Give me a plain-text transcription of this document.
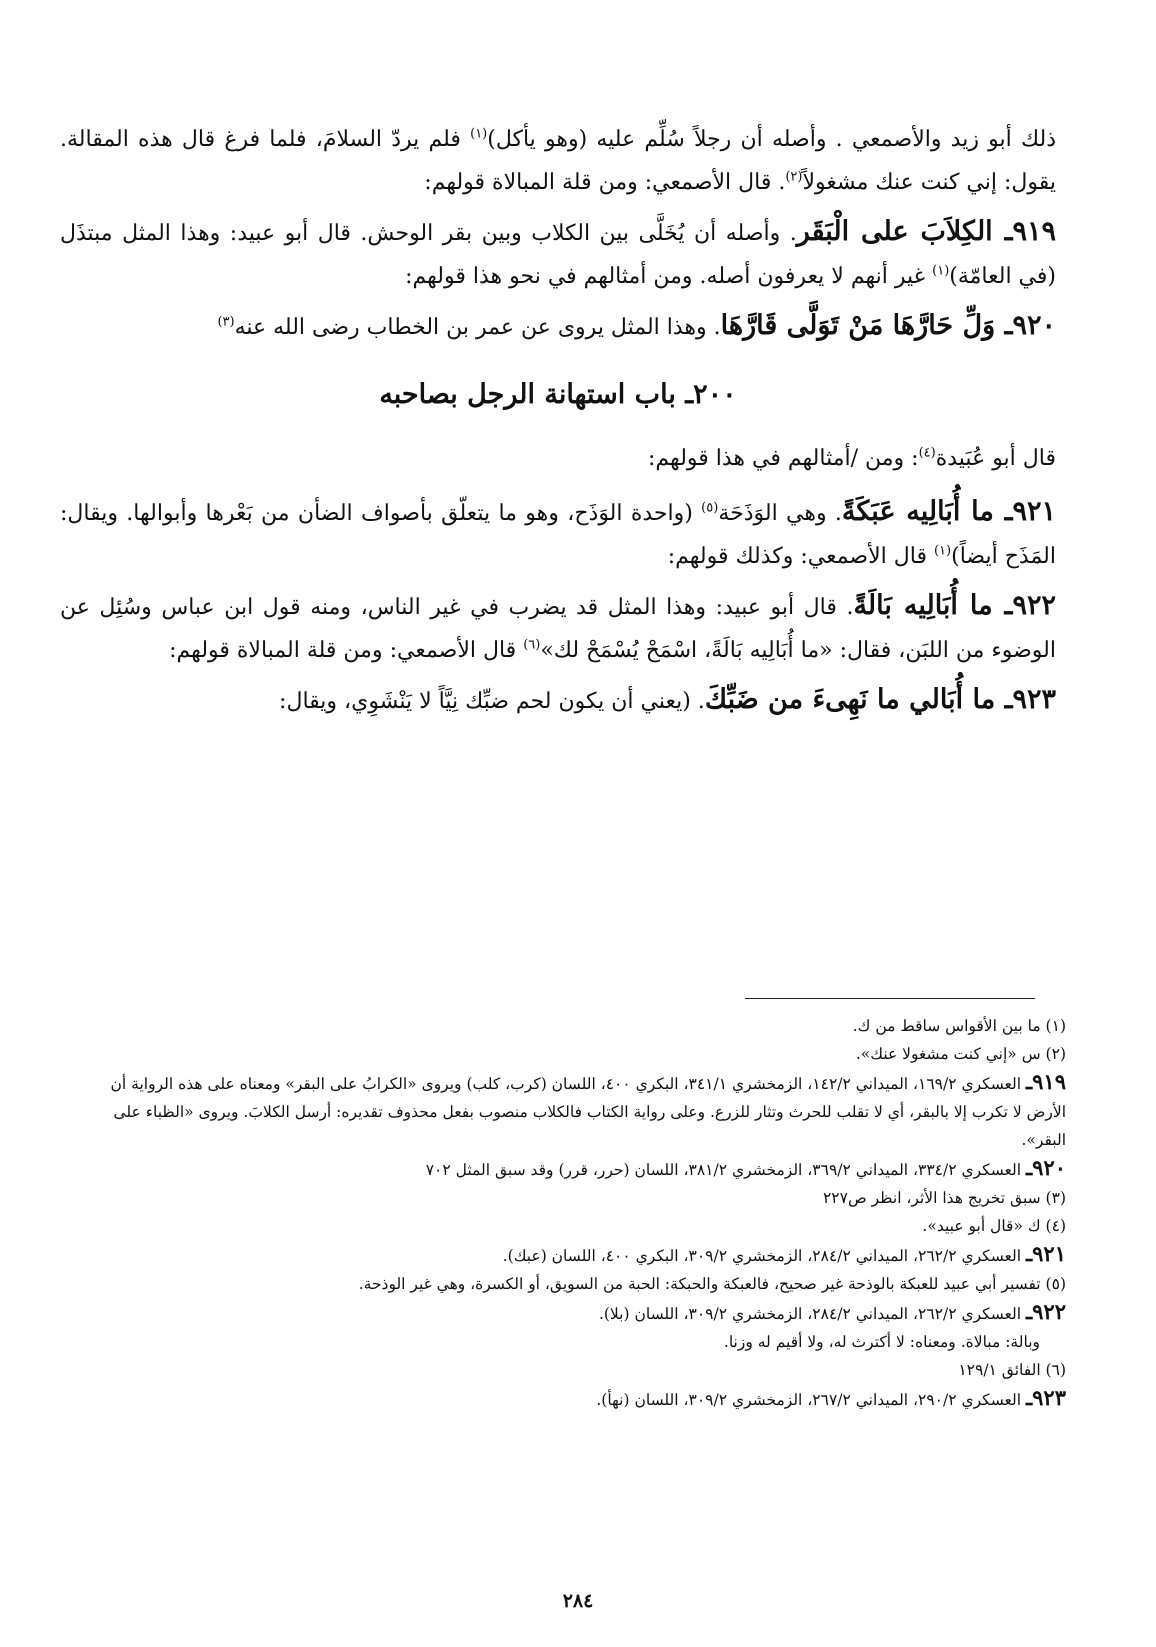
ذلك أبو زيد والأصمعي . وأصله أن رجلاً سُلِّم عليه (وهو يأكل)$^{(١)}$ فلم يردّ السلامَ، فلما فرغ قال هذه المقالة. يقول: إني كنت عنك مشغولاً$^{(٢)}$. قال الأصمعي: ومن قلة المبالاة قولهم:

٩١٩ـ الكِلاَبَ على الْبَقَر. وأصله أن يُخَلَّى بين الكلاب وبين بقر الوحش. قال أبو عبيد: وهذا المثل مبتذَل (في العامّة)$^{(١)}$ غير أنهم لا يعرفون أصله. ومن أمثالهم في نحو هذا قولهم:

٩٢٠ـ وَلِّ حَارَّهَا مَنْ تَوَلَّى قَارَّهَا. وهذا المثل يروى عن عمر بن الخطاب رضى الله عنه$^{(٣)}$

٢٠٠ـ باب استهانة الرجل بصاحبه

قال أبو عُبَيدة$^{(٤)}$: ومن /أمثالهم في هذا قولهم:

٩٢١ـ ما أُبَالِيه عَبَكَةً. وهي الوَذَحَة$^{(٥)}$ (واحدة الوَذَح، وهو ما يتعلّق بأصواف الضأن من بَعْرها وأبوالها. ويقال: المَذَح أيضاً)$^{(١)}$ قال الأصمعي: وكذلك قولهم:

٩٢٢ـ ما أُبَالِيه بَالَةً. قال أبو عبيد: وهذا المثل قد يضرب في غير الناس، ومنه قول ابن عباس وسُئِل عن الوضوء من اللبَن، فقال: «ما أُبَالِيه بَالَةً، اسْمَحْ يُسْمَحْ لك»$^{(٦)}$ قال الأصمعي: ومن قلة المبالاة قولهم:

٩٢٣ـ ما أُبَالي ما نَهِىءَ من ضَبِّكَ. (يعني أن يكون لحم ضبِّك نِيَّاً لا يَنْشَوِي، ويقال:

(١) ما بين الأقواس ساقط من ك.

(٢) س «إني كنت مشغولا عنك».

٩١٩ـ العسكري ١٦٩/٢، الميداني ١٤٢/٢، الزمخشري ٣٤١/١، البكري ٤٠٠، اللسان (كرب، كلب) ويروى «الكرابُ على البقر» ومعناه على هذه الرواية أن الأرض لا تكرب إلا بالبقر، أي لا تقلب للحرث وتثار للزرع. وعلى رواية الكتاب فالكلاب منصوب بفعل محذوف تقديره: أرسل الكلابَ. ويروى «الظباء على البقر».

٩٢٠ـ العسكري ٣٣٤/٢، الميداني ٣٦٩/٢، الزمخشري ٣٨١/٢، اللسان (حرر، قرر) وقد سبق المثل ٧٠٢

(٣) سبق تخريج هذا الأثر، انظر ص٢٢٧

(٤) ك «قال أبو عبيد».

٩٢١ـ العسكري ٢٦٢/٢، الميداني ٢٨٤/٢، الزمخشري ٣٠٩/٢، البكري ٤٠٠، اللسان (عبك).

(٥) تفسير أبي عبيد للعبكة بالوذحة غير صحيح، فالعبكة والحبكة: الحبة من السويق، أو الكسرة، وهي غير الوذحة.

٩٢٢ـ العسكري ٢٦٢/٢، الميداني ٢٨٤/٢، الزمخشري ٣٠٩/٢، اللسان (بلا).

وبالة: مبالاة. ومعناه: لا أكترث له، ولا أقيم له وزنا.

(٦) الفائق ١٢٩/١

٩٢٣ـ العسكري ٢٩٠/٢، الميداني ٢٦٧/٢، الزمخشري ٣٠٩/٢، اللسان (نهأ).

٢٨٤
